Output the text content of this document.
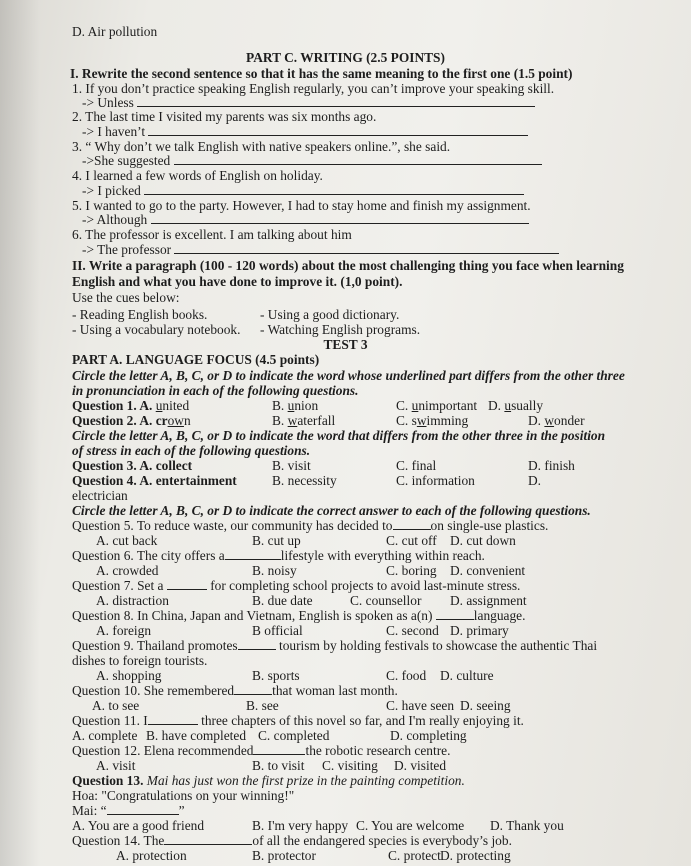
D. Air pollution
PART C. WRITING (2.5 POINTS)
I. Rewrite the second sentence so that it has the same meaning to the first one (1.5 point)
1. If you don’t practice speaking English regularly, you can’t improve your speaking skill.
-> Unless
2. The last time I visited my parents was six months ago.
-> I haven’t
3. “ Why don’t we talk English with native speakers online.”, she said.
->She suggested
4. I learned a few words of English on holiday.
-> I picked
5. I wanted to go to the party. However, I had to stay home and finish my assignment.
-> Although
6. The professor is excellent. I am talking about him
-> The professor
II. Write a paragraph (100 - 120 words) about the most challenging thing you face when learning
English and what you have done to improve it. (1,0 point).
Use the cues below:
- Reading English books.	- Using a good dictionary.
- Using a vocabulary notebook. - Watching English programs.
TEST 3
PART A. LANGUAGE FOCUS (4.5 points)
Circle the letter A, B, C, or D to indicate the word whose underlined part differs from the other three
in pronunciation in each of the following questions.
Question 1. A. united	B. union	C. unimportant D. usually
Question 2. A. crown	B. waterfall	C. swimming	D. wonder
Circle the letter A, B, C, or D to indicate the word that differs from the other three in the position
of stress in each of the following questions.
Question 3. A. collect	B. visit	C. final	D. finish
Question 4. A. entertainment	B. necessity	C. information	D.
electrician
Circle the letter A, B, C, or D to indicate the correct answer to each of the following questions.
Question 5. To reduce waste, our community has decided to	on single-use plastics.
A. cut back	B. cut up	C. cut off D. cut down
Question 6. The city offers a	lifestyle with everything within reach.
A. crowded	B. noisy	C. boring D. convenient
Question 7. Set a	for completing school projects to avoid last-minute stress.
A. distraction	B. due date	C. counsellor D. assignment
Question 8. In China, Japan and Vietnam, English is spoken as a(n)	language.
A. foreign	B official	C. second D. primary
Question 9. Thailand promotes	tourism by holding festivals to showcase the authentic Thai
dishes to foreign tourists.
A. shopping	B. sports	C. food D. culture
Question 10. She remembered	that woman last month.
A. to see	B. see	C. have seen D. seeing
Question 11. I	three chapters of this novel so far, and I'm really enjoying it.
A. complete B. have completed C. completed	D. completing
Question 12. Elena recommended	the robotic research centre.
A. visit	B. to visit C. visiting D. visited
Question 13. Mai has just won the first prize in the painting competition.
Hoa: "Congratulations on your winning!"
Mai: “	”
A. You are a good friend	B. I'm very happy C. You are welcome D. Thank you
Question 14. The	of all the endangered species is everybody’s job.
A. protection	B. protector	C. protect D. protecting
